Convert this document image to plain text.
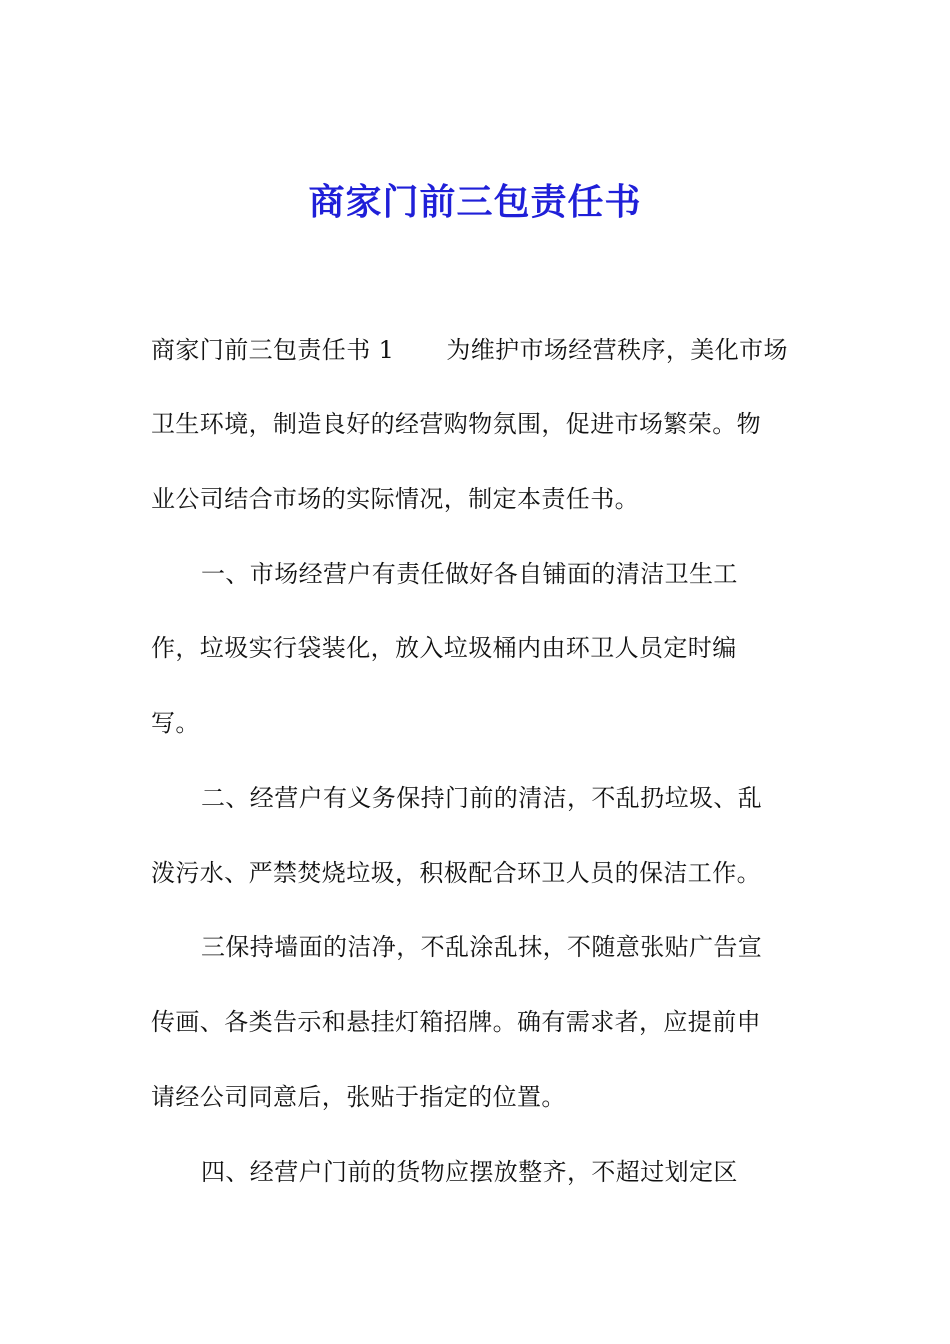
商家门前三包责任书
商家门前三包责任书 1 为维护市场经营秩序，美化市场
卫生环境，制造良好的经营购物氛围，促进市场繁荣。物
业公司结合市场的实际情况，制定本责任书。
一、市场经营户有责任做好各自铺面的清洁卫生工
作，垃圾实行袋装化，放入垃圾桶内由环卫人员定时编
写。
二、经营户有义务保持门前的清洁，不乱扔垃圾、乱
泼污水、严禁焚烧垃圾，积极配合环卫人员的保洁工作。
三保持墙面的洁净，不乱涂乱抹，不随意张贴广告宣
传画、各类告示和悬挂灯箱招牌。确有需求者，应提前申
请经公司同意后，张贴于指定的位置。
四、经营户门前的货物应摆放整齐，不超过划定区
